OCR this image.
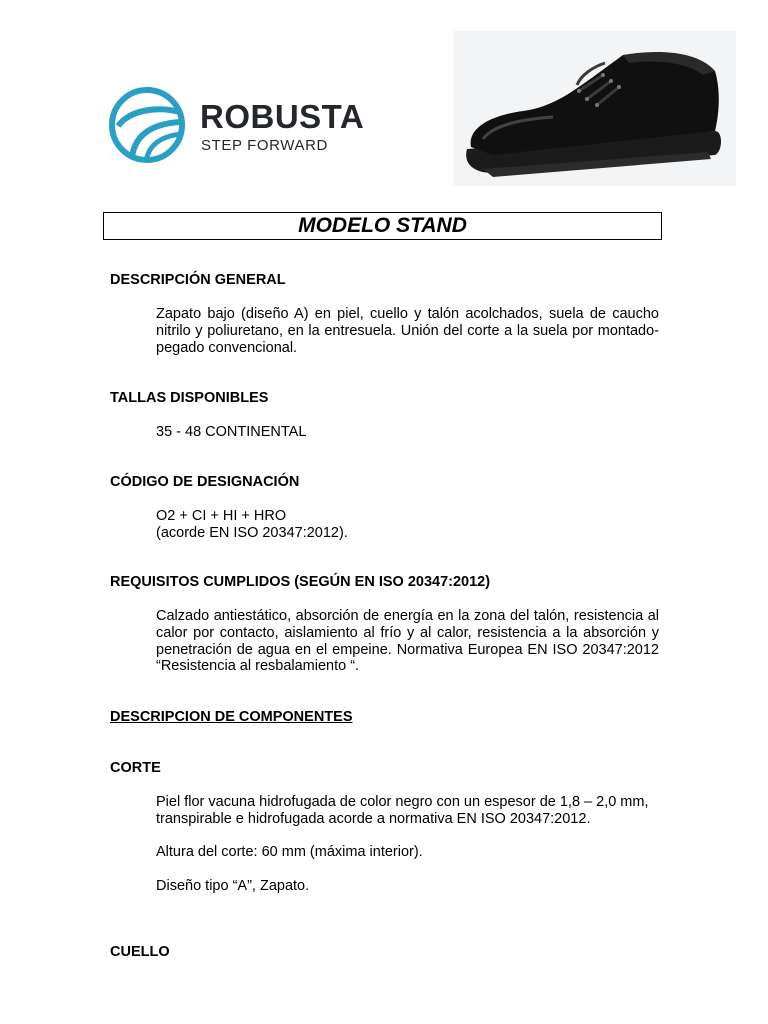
ROBUSTA
STEP FORWARD
MODELO STAND
DESCRIPCIÓN GENERAL
Zapato bajo (diseño A) en piel, cuello y talón acolchados, suela de caucho nitrilo y poliuretano, en la entresuela. Unión del corte a la suela por montado-pegado convencional.
TALLAS DISPONIBLES
35 - 48 CONTINENTAL
CÓDIGO DE DESIGNACIÓN
O2 + CI + HI + HRO
(acorde EN ISO 20347:2012).
REQUISITOS CUMPLIDOS (SEGÚN EN ISO 20347:2012)
Calzado antiestático, absorción de energía en la zona del talón, resistencia al calor por contacto, aislamiento al frío y al calor, resistencia a la absorción y penetración de agua en el empeine. Normativa Europea EN ISO 20347:2012 “Resistencia al resbalamiento “.
DESCRIPCION DE COMPONENTES
CORTE
Piel flor vacuna hidrofugada de color negro con un espesor de 1,8 – 2,0 mm, transpirable e hidrofugada acorde a normativa EN ISO 20347:2012.
Altura del corte: 60 mm (máxima interior).
Diseño tipo “A”, Zapato.
CUELLO
